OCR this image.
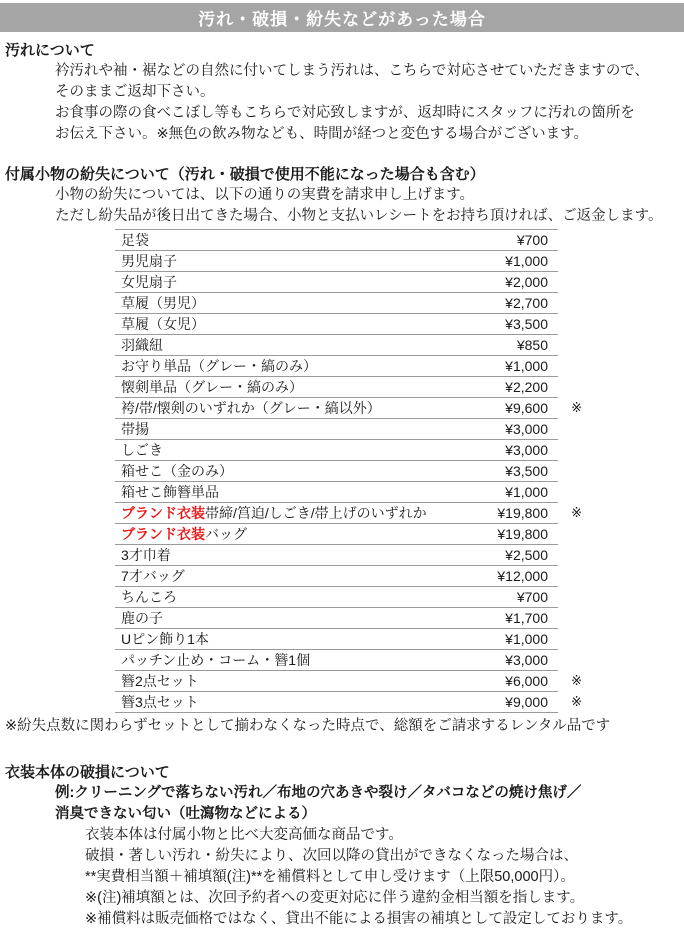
汚れ・破損・紛失などがあった場合
汚れについて
衿汚れや袖・裾などの自然に付いてしまう汚れは、こちらで対応させていただきますので、
そのままご返却下さい。
お食事の際の食べこぼし等もこちらで対応致しますが、返却時にスタッフに汚れの箇所を
お伝え下さい。※無色の飲み物なども、時間が経つと変色する場合がございます。
付属小物の紛失について（汚れ・破損で使用不能になった場合も含む）
小物の紛失については、以下の通りの実費を請求申し上げます。
ただし紛失品が後日出てきた場合、小物と支払いレシートをお持ち頂ければ、ご返金します。
足袋	¥700
男児扇子	¥1,000
女児扇子	¥2,000
草履（男児）	¥2,700
草履（女児）	¥3,500
羽織紐	¥850
お守り単品（グレー・縞のみ）	¥1,000
懐剣単品（グレー・縞のみ）	¥2,200
袴/帯/懐剣のいずれか（グレー・縞以外）	¥9,600	※
帯揚	¥3,000
しごき	¥3,000
箱せこ（金のみ）	¥3,500
箱せこ飾簪単品	¥1,000
ブランド衣装帯締/筥迫/しごき/帯上げのいずれか	¥19,800	※
ブランド衣装バッグ	¥19,800
3才巾着	¥2,500
7才バッグ	¥12,000
ちんころ	¥700
鹿の子	¥1,700
Uピン飾り1本	¥1,000
パッチン止め・コーム・簪1個	¥3,000
簪2点セット	¥6,000	※
簪3点セット	¥9,000	※
※紛失点数に関わらずセットとして揃わなくなった時点で、総額をご請求するレンタル品です
衣装本体の破損について
例:クリーニングで落ちない汚れ／布地の穴あきや裂け／タバコなどの焼け焦げ／
消臭できない匂い（吐瀉物などによる）
衣装本体は付属小物と比べ大変高価な商品です。
破損・著しい汚れ・紛失により、次回以降の貸出ができなくなった場合は、
**実費相当額＋補填額(注)**を補償料として申し受けます（上限50,000円）。
※(注)補填額とは、次回予約者への変更対応に伴う違約金相当額を指します。
※補償料は販売価格ではなく、貸出不能による損害の補填として設定しております。
